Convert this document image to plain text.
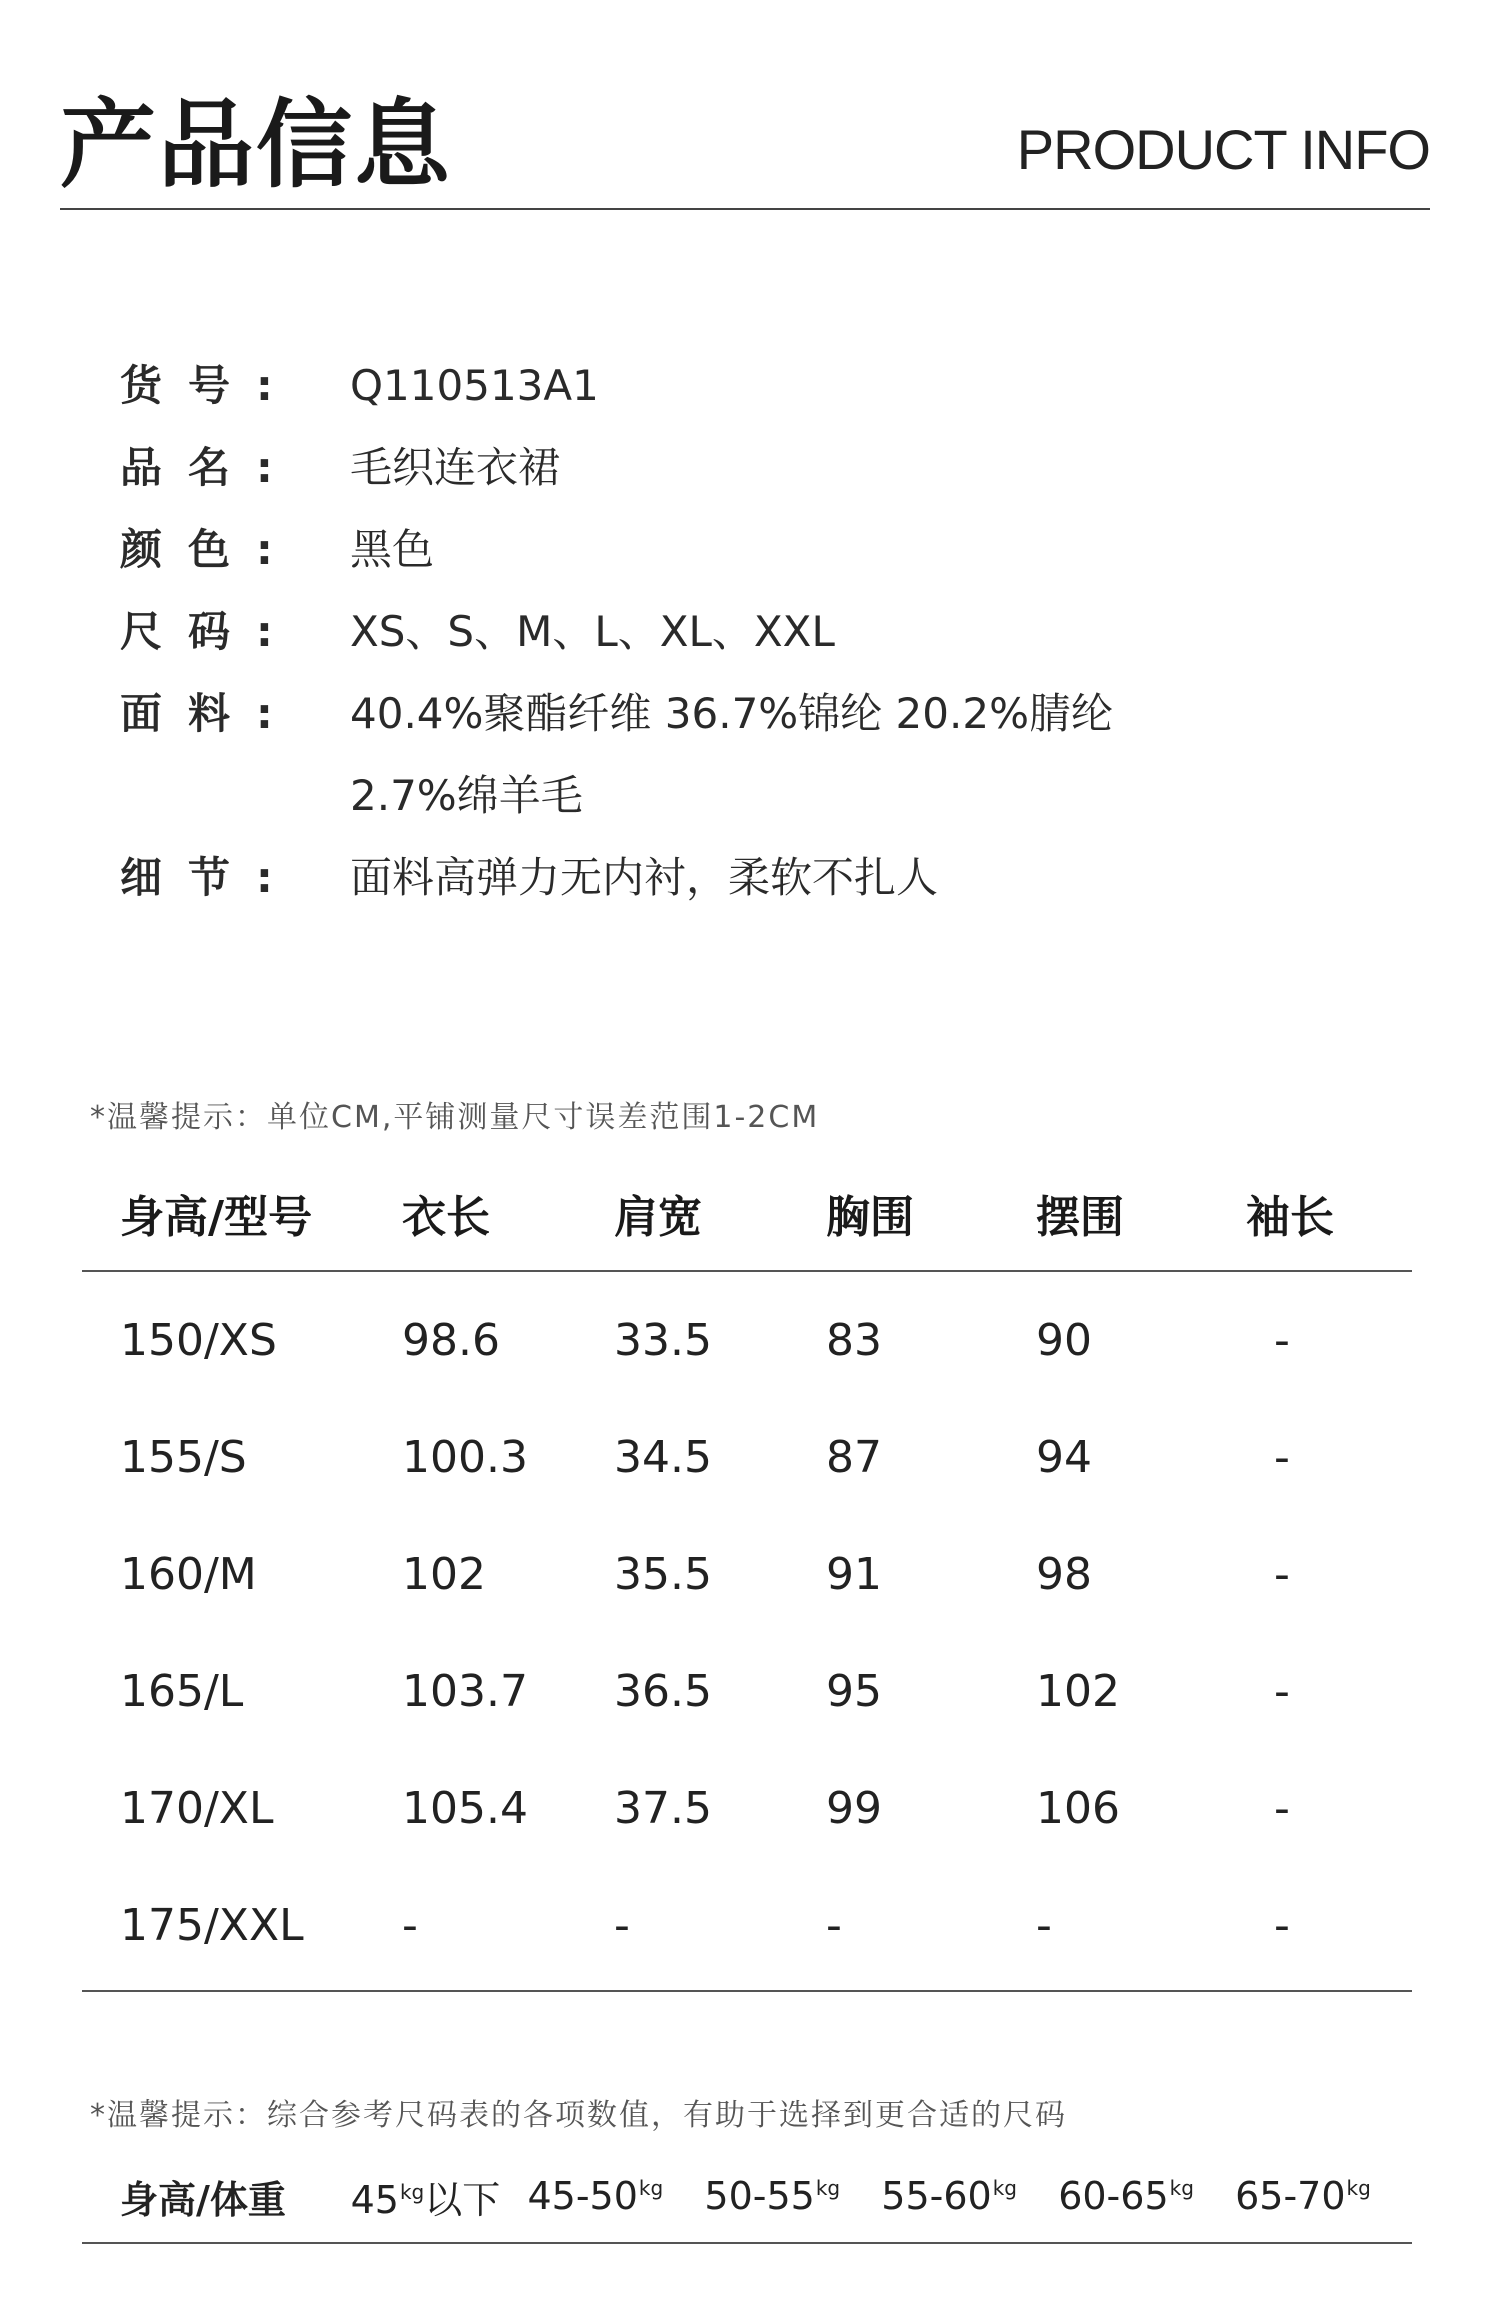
产品信息	PRODUCT INFO
货号:	Q110513A1
品名:	毛织连衣裙
颜色:	黑色
尺码:	XS、S、M、L、XL、XXL
面料:	40.4%聚酯纤维 36.7%锦纶 20.2%腈纶
2.7%绵羊毛
细节:	面料高弹力无内衬，柔软不扎人
*温馨提示：单位CM,平铺测量尺寸误差范围1-2CM
身高/型号	衣长	肩宽	胸围	摆围	袖长
150/XS	98.6	33.5	83	90	-
155/S	100.3	34.5	87	94	-
160/M	102	35.5	91	98	-
165/L	103.7	36.5	95	102	-
170/XL	105.4	37.5	99	106	-
175/XXL	-	-	-	-	-
*温馨提示：综合参考尺码表的各项数值，有助于选择到更合适的尺码
身高/体重	$45^{kg}$以下 $45-50^{kg}$	$50-55^{kg}$	$55-60^{kg}$	$60-65^{kg}$	$65-70^{kg}$
